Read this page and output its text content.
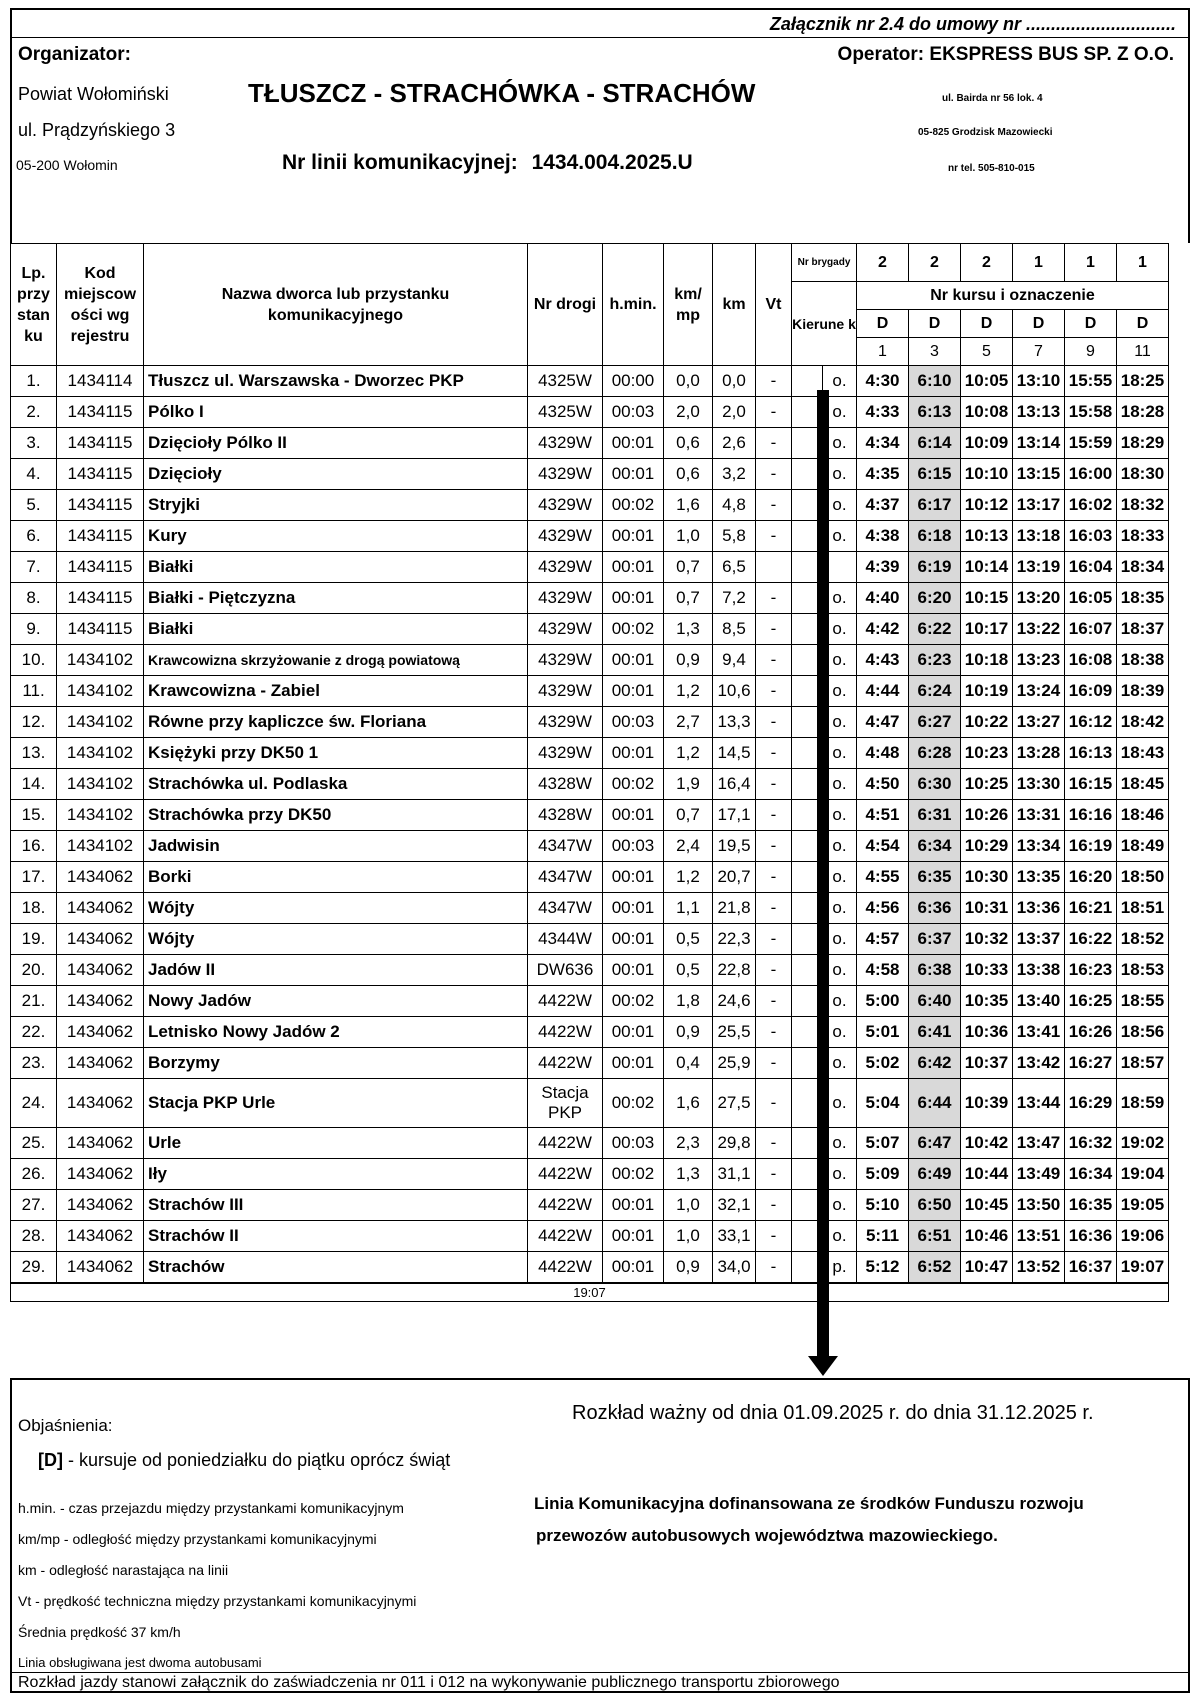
Załącznik nr 2.4 do umowy nr ..............................
Organizator:
Powiat Wołomiński
ul. Prądzyńskiego 3
05-200 Wołomin
TŁUSZCZ - STRACHÓWKA - STRACHÓW
Nr linii komunikacyjnej: 1434.004.2025.U
Operator: EKSPRESS BUS SP. Z O.O.
ul. Bairda nr 56 lok. 4
05-825 Grodzisk Mazowiecki
nr tel. 505-810-015
Lp. przy stan ku	Kod miejscow ości wg rejestru	Nazwa dworca lub przystanku komunikacyjnego	Nr drogi	h.min.	km/ mp	km	Vt	Nr brygady			2	2	2	1	1	1
								Kierune k			Nr kursu i oznaczenie					
											D	D	D	D	D	D
											1	3	5	7	9	11
1.	1434114	Tłuszcz ul. Warszawska - Dworzec PKP	4325W	00:00	0,0	0,0	-			o.	4:30	6:10	10:05	13:10	15:55	18:25
2.	1434115	Pólko I	4325W	00:03	2,0	2,0	-			o.	4:33	6:13	10:08	13:13	15:58	18:28
3.	1434115	Dzięcioły Pólko II	4329W	00:01	0,6	2,6	-			o.	4:34	6:14	10:09	13:14	15:59	18:29
4.	1434115	Dzięcioły	4329W	00:01	0,6	3,2	-			o.	4:35	6:15	10:10	13:15	16:00	18:30
5.	1434115	Stryjki	4329W	00:02	1,6	4,8	-			o.	4:37	6:17	10:12	13:17	16:02	18:32
6.	1434115	Kury	4329W	00:01	1,0	5,8	-			o.	4:38	6:18	10:13	13:18	16:03	18:33
7.	1434115	Białki	4329W	00:01	0,7	6,5					4:39	6:19	10:14	13:19	16:04	18:34
8.	1434115	Białki - Piętczyzna	4329W	00:01	0,7	7,2	-			o.	4:40	6:20	10:15	13:20	16:05	18:35
9.	1434115	Białki	4329W	00:02	1,3	8,5	-			o.	4:42	6:22	10:17	13:22	16:07	18:37
10.	1434102	Krawcowizna skrzyżowanie z drogą powiatową	4329W	00:01	0,9	9,4	-			o.	4:43	6:23	10:18	13:23	16:08	18:38
11.	1434102	Krawcowizna - Zabiel	4329W	00:01	1,2	10,6	-			o.	4:44	6:24	10:19	13:24	16:09	18:39
12.	1434102	Równe przy kapliczce św. Floriana	4329W	00:03	2,7	13,3	-			o.	4:47	6:27	10:22	13:27	16:12	18:42
13.	1434102	Księżyki przy DK50 1	4329W	00:01	1,2	14,5	-			o.	4:48	6:28	10:23	13:28	16:13	18:43
14.	1434102	Strachówka ul. Podlaska	4328W	00:02	1,9	16,4	-			o.	4:50	6:30	10:25	13:30	16:15	18:45
15.	1434102	Strachówka przy DK50	4328W	00:01	0,7	17,1	-			o.	4:51	6:31	10:26	13:31	16:16	18:46
16.	1434102	Jadwisin	4347W	00:03	2,4	19,5	-			o.	4:54	6:34	10:29	13:34	16:19	18:49
17.	1434062	Borki	4347W	00:01	1,2	20,7	-			o.	4:55	6:35	10:30	13:35	16:20	18:50
18.	1434062	Wójty	4347W	00:01	1,1	21,8	-			o.	4:56	6:36	10:31	13:36	16:21	18:51
19.	1434062	Wójty	4344W	00:01	0,5	22,3	-			o.	4:57	6:37	10:32	13:37	16:22	18:52
20.	1434062	Jadów II	DW636	00:01	0,5	22,8	-			o.	4:58	6:38	10:33	13:38	16:23	18:53
21.	1434062	Nowy Jadów	4422W	00:02	1,8	24,6	-			o.	5:00	6:40	10:35	13:40	16:25	18:55
22.	1434062	Letnisko Nowy Jadów 2	4422W	00:01	0,9	25,5	-			o.	5:01	6:41	10:36	13:41	16:26	18:56
23.	1434062	Borzymy	4422W	00:01	0,4	25,9	-			o.	5:02	6:42	10:37	13:42	16:27	18:57
24.	1434062	Stacja PKP Urle	Stacja PKP	00:02	1,6	27,5	-			o.	5:04	6:44	10:39	13:44	16:29	18:59
25.	1434062	Urle	4422W	00:03	2,3	29,8	-			o.	5:07	6:47	10:42	13:47	16:32	19:02
26.	1434062	Iły	4422W	00:02	1,3	31,1	-			o.	5:09	6:49	10:44	13:49	16:34	19:04
27.	1434062	Strachów III	4422W	00:01	1,0	32,1	-			o.	5:10	6:50	10:45	13:50	16:35	19:05
28.	1434062	Strachów II	4422W	00:01	1,0	33,1	-			o.	5:11	6:51	10:46	13:51	16:36	19:06
29.	1434062	Strachów	4422W	00:01	0,9	34,0	-			p.	5:12	6:52	10:47	13:52	16:37	19:07
19:07																
Objaśnienia:
Rozkład ważny od dnia 01.09.2025 r. do dnia 31.12.2025 r.
[D] - kursuje od poniedziałku do piątku oprócz świąt
h.min. - czas przejazdu między przystankami komunikacyjnym
km/mp - odległość między przystankami komunikacyjnymi
km - odległość narastająca na linii
Vt - prędkość techniczna między przystankami komunikacyjnymi
Średnia prędkość 37 km/h
Linia obsługiwana jest dwoma autobusami
Linia Komunikacyjna dofinansowana ze środków Funduszu rozwoju
przewozów autobusowych województwa mazowieckiego.
Rozkład jazdy stanowi załącznik do zaświadczenia nr 011 i 012 na wykonywanie publicznego transportu zbiorowego
